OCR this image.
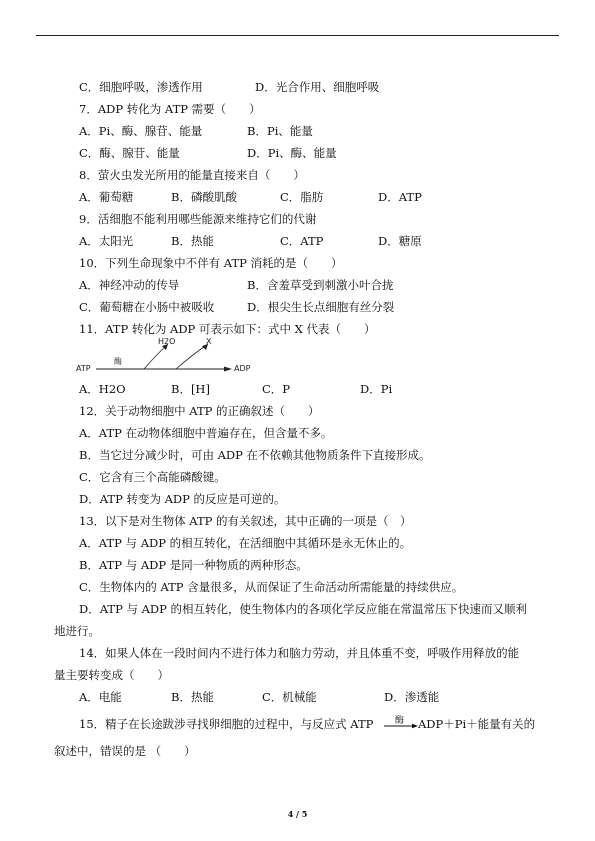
C．细胞呼吸，渗透作用	D．光合作用、细胞呼吸
7．ADP 转化为 ATP 需要（　　）
A．Pi、酶、腺苷、能量	B．Pi、能量
C．酶、腺苷、能量	D．Pi、酶、能量
8．萤火虫发光所用的能量直接来自（　　）
A．葡萄糖	B．磷酸肌酸	C．脂肪	D．ATP
9．活细胞不能利用哪些能源来维持它们的代谢
A．太阳光	B．热能	C．ATP	D．糖原
10．下列生命现象中不伴有 ATP 消耗的是（　　）
A．神经冲动的传导	B．含羞草受到刺激小叶合拢
C．葡萄糖在小肠中被吸收	D．根尖生长点细胞有丝分裂
11．ATP 转化为 ADP 可表示如下：式中 X 代表（　　）
ATP	ADP
酶
H2O	X
A．H2O	B．[H]	C．P	D．Pi
12．关于动物细胞中 ATP 的正确叙述（　　）
A．ATP 在动物体细胞中普遍存在，但含量不多。
B．当它过分减少时，可由 ADP 在不依赖其他物质条件下直接形成。
C．它含有三个高能磷酸键。
D．ATP 转变为 ADP 的反应是可逆的。
13．以下是对生物体 ATP 的有关叙述，其中正确的一项是（　）
A．ATP 与 ADP 的相互转化，在活细胞中其循环是永无休止的。
B．ATP 与 ADP 是同一种物质的两种形态。
C．生物体内的 ATP 含量很多，从而保证了生命活动所需能量的持续供应。
D．ATP 与 ADP 的相互转化，使生物体内的各项化学反应能在常温常压下快速而又顺利
地进行。
14．如果人体在一段时间内不进行体力和脑力劳动，并且体重不变，呼吸作用释放的能
量主要转变成（　　）
A．电能	B．热能	C．机械能	D．渗透能
15．精子在长途跋涉寻找卵细胞的过程中，与反应式 ATP 酶 ADP＋Pi＋能量有关的
叙述中，错误的是 （　　）
4 / 5
